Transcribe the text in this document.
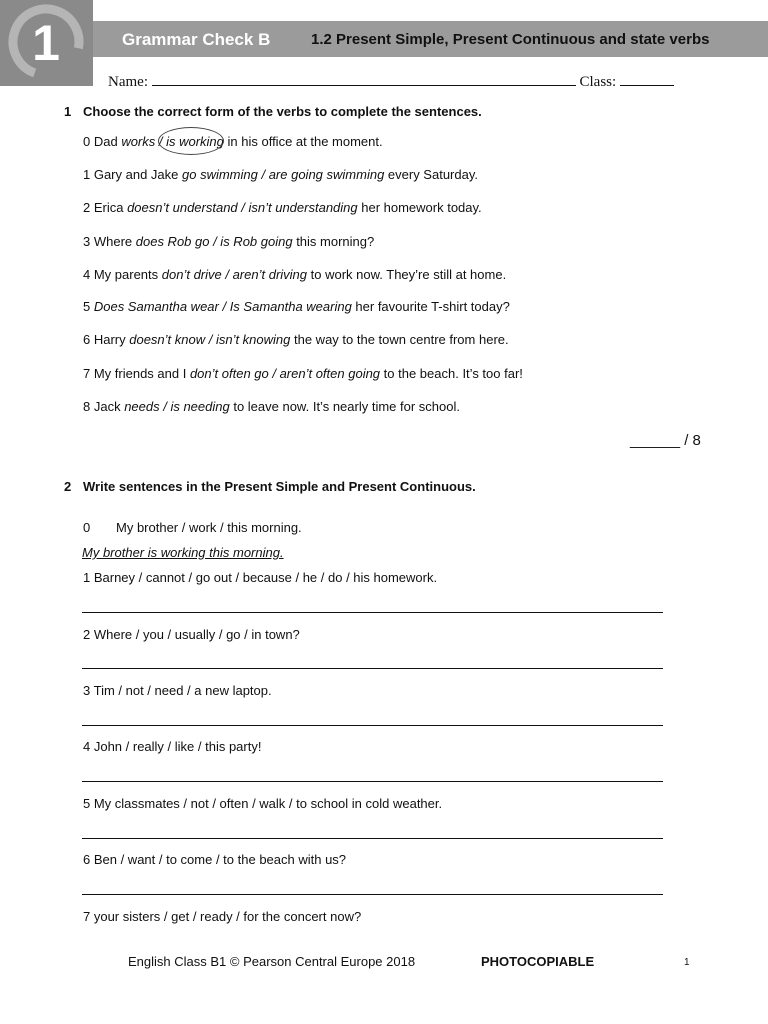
1	Grammar Check B	1.2 Present Simple, Present Continuous and state verbs
Name:	Class:
1 Choose the correct form of the verbs to complete the sentences.
0 Dad works / is working in his office at the moment.
1 Gary and Jake go swimming / are going swimming every Saturday.
2 Erica doesn’t understand / isn’t understanding her homework today.
3 Where does Rob go / is Rob going this morning?
4 My parents don’t drive / aren’t driving to work now. They’re still at home.
5 Does Samantha wear / Is Samantha wearing her favourite T-shirt today?
6 Harry doesn’t know / isn’t knowing the way to the town centre from here.
7 My friends and I don’t often go / aren’t often going to the beach. It’s too far!
8 Jack needs / is needing to leave now. It’s nearly time for school.
______ / 8
2 Write sentences in the Present Simple and Present Continuous.
0 My brother / work / this morning.
My brother is working this morning.
1 Barney / cannot / go out / because / he / do / his homework.
2 Where / you / usually / go / in town?
3 Tim / not / need / a new laptop.
4 John / really / like / this party!
5 My classmates / not / often / walk / to school in cold weather.
6 Ben / want / to come / to the beach with us?
7 your sisters / get / ready / for the concert now?
English Class B1 © Pearson Central Europe 2018	PHOTOCOPIABLE	1
